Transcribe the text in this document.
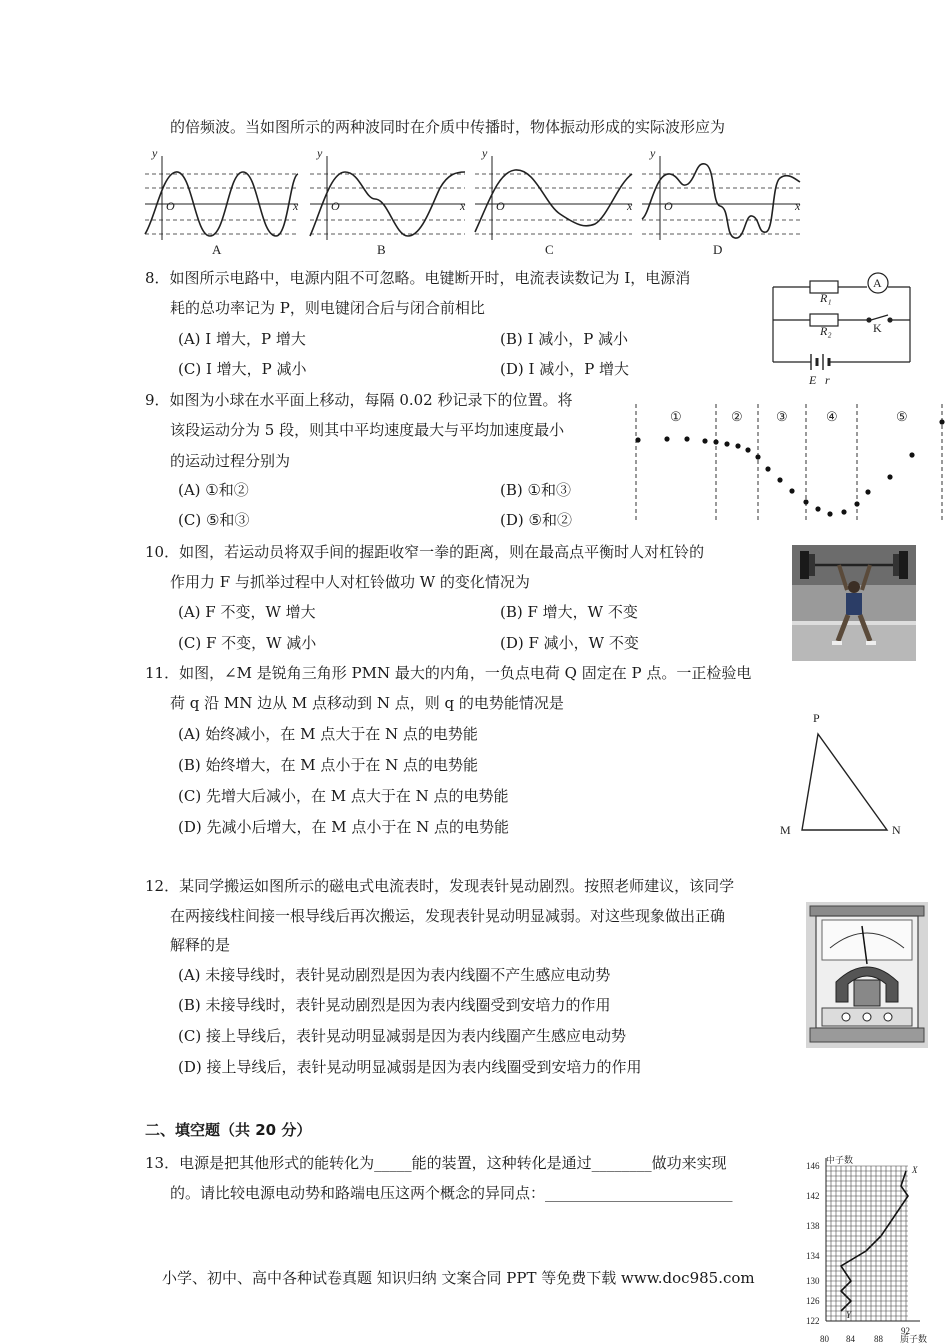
的倍频波。当如图所示的两种波同时在介质中传播时，物体振动形成的实际波形应为
y
x
O
y
x
O
y
x
O
y
x
O
A	B	C	D
8．如图所示电路中，电源内阻不可忽略。电键断开时，电流表读数记为 I，电源消
耗的总功率记为 P，则电键闭合后与闭合前相比
(A) I 增大，P 增大	(B) I 减小，P 减小
(C) I 增大，P 减小	(D) I 减小，P 增大
R₁
R₂
E r
A
K
9．如图为小球在水平面上移动，每隔 0.02 秒记录下的位置。将
该段运动分为 5 段，则其中平均速度最大与平均加速度最小
的运动过程分别为
(A) ①和②	(B) ①和③
(C) ⑤和③	(D) ⑤和②
①	②	③	④	⑤
10．如图，若运动员将双手间的握距收窄一拳的距离，则在最高点平衡时人对杠铃的
作用力 F 与抓举过程中人对杠铃做功 W 的变化情况为
(A) F 不变，W 增大	(B) F 增大，W 不变
(C) F 不变，W 减小	(D) F 减小，W 不变
11．如图，∠M 是锐角三角形 PMN 最大的内角，一负点电荷 Q 固定在 P 点。一正检验电
荷 q 沿 MN 边从 M 点移动到 N 点，则 q 的电势能情况是
(A) 始终减小，在 M 点大于在 N 点的电势能
(B) 始终增大，在 M 点小于在 N 点的电势能
(C) 先增大后减小，在 M 点大于在 N 点的电势能
(D) 先减小后增大，在 M 点小于在 N 点的电势能
P
M	N
12．某同学搬运如图所示的磁电式电流表时，发现表针晃动剧烈。按照老师建议，该同学
在两接线柱间接一根导线后再次搬运，发现表针晃动明显减弱。对这些现象做出正确
解释的是
(A) 未接导线时，表针晃动剧烈是因为表内线圈不产生感应电动势
(B) 未接导线时，表针晃动剧烈是因为表内线圈受到安培力的作用
(C) 接上导线后，表针晃动明显减弱是因为表内线圈产生感应电动势
(D) 接上导线后，表针晃动明显减弱是因为表内线圈受到安培力的作用
二、填空题（共 20 分）
13．电源是把其他形式的能转化为_____能的装置，这种转化是通过________做功来实现
的。请比较电源电动势和路端电压这两个概念的异同点：_________________________
中子数
质子数
146
142
138
134
130
126
122
80 84 88
92
X
Y
小学、初中、高中各种试卷真题 知识归纳 文案合同 PPT 等免费下载 www.doc985.com
